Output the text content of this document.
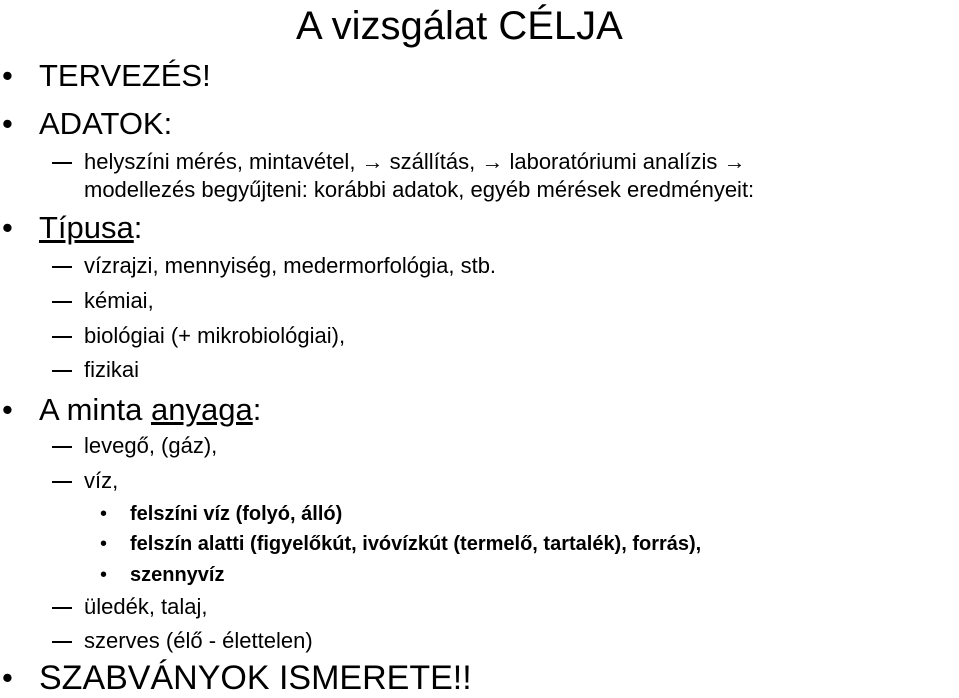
A vizsgálat CÉLJA
• TERVEZÉS!
• ADATOK:
helyszíni mérés, mintavétel, → szállítás, → laboratóriumi analízis →
modellezés begyűjteni: korábbi adatok, egyéb mérések eredményeit:
• Típusa:
vízrajzi, mennyiség, medermorfológia, stb.
kémiai,
biológiai (+ mikrobiológiai),
fizikai
• A minta anyaga:
levegő, (gáz),
víz,
• felszíni víz (folyó, álló)
• felszín alatti (figyelőkút, ivóvízkút (termelő, tartalék), forrás),
• szennyvíz
üledék, talaj,
szerves (élő - élettelen)
• SZABVÁNYOK ISMERETE!!
